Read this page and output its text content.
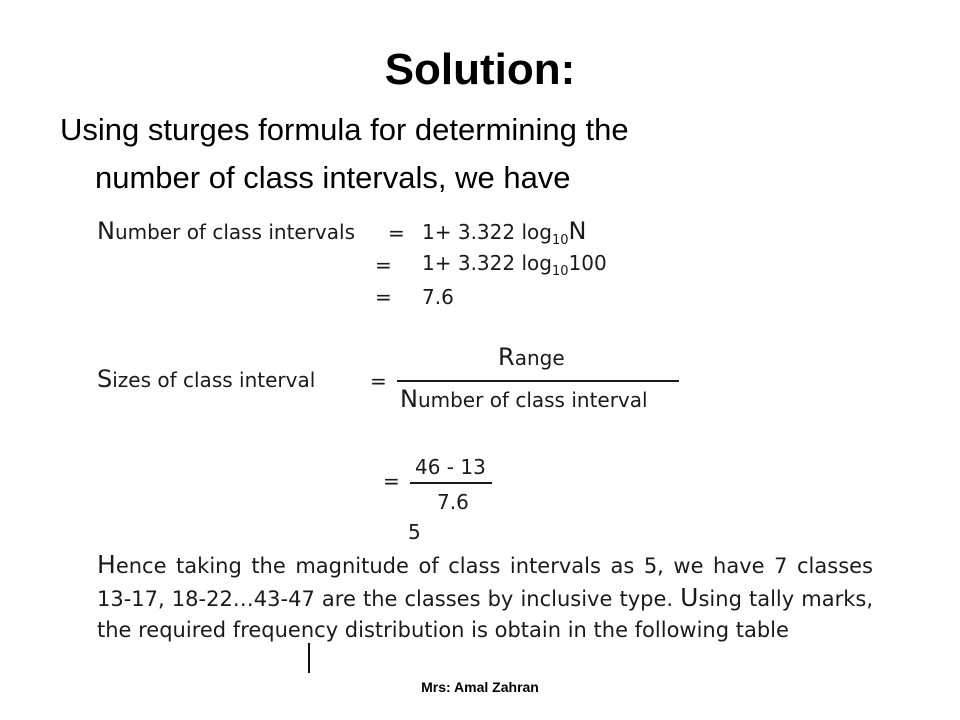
Solution:
Using sturges formula for determining the
number of class intervals, we have
Number of class intervals = 1+ 3.322 $\log_{10}N$
= 1+ 3.322 $\log_{10}100$
= 7.6
Sizes of class interval	=
Range
Number of class interval
=
46 - 13
7.6
5
Hence taking the magnitude of class intervals as 5, we have 7 classes 13-17, 18-22…43-47 are the classes by inclusive type. Using tally marks, the required frequency distribution is obtain in the following table
Mrs: Amal Zahran
